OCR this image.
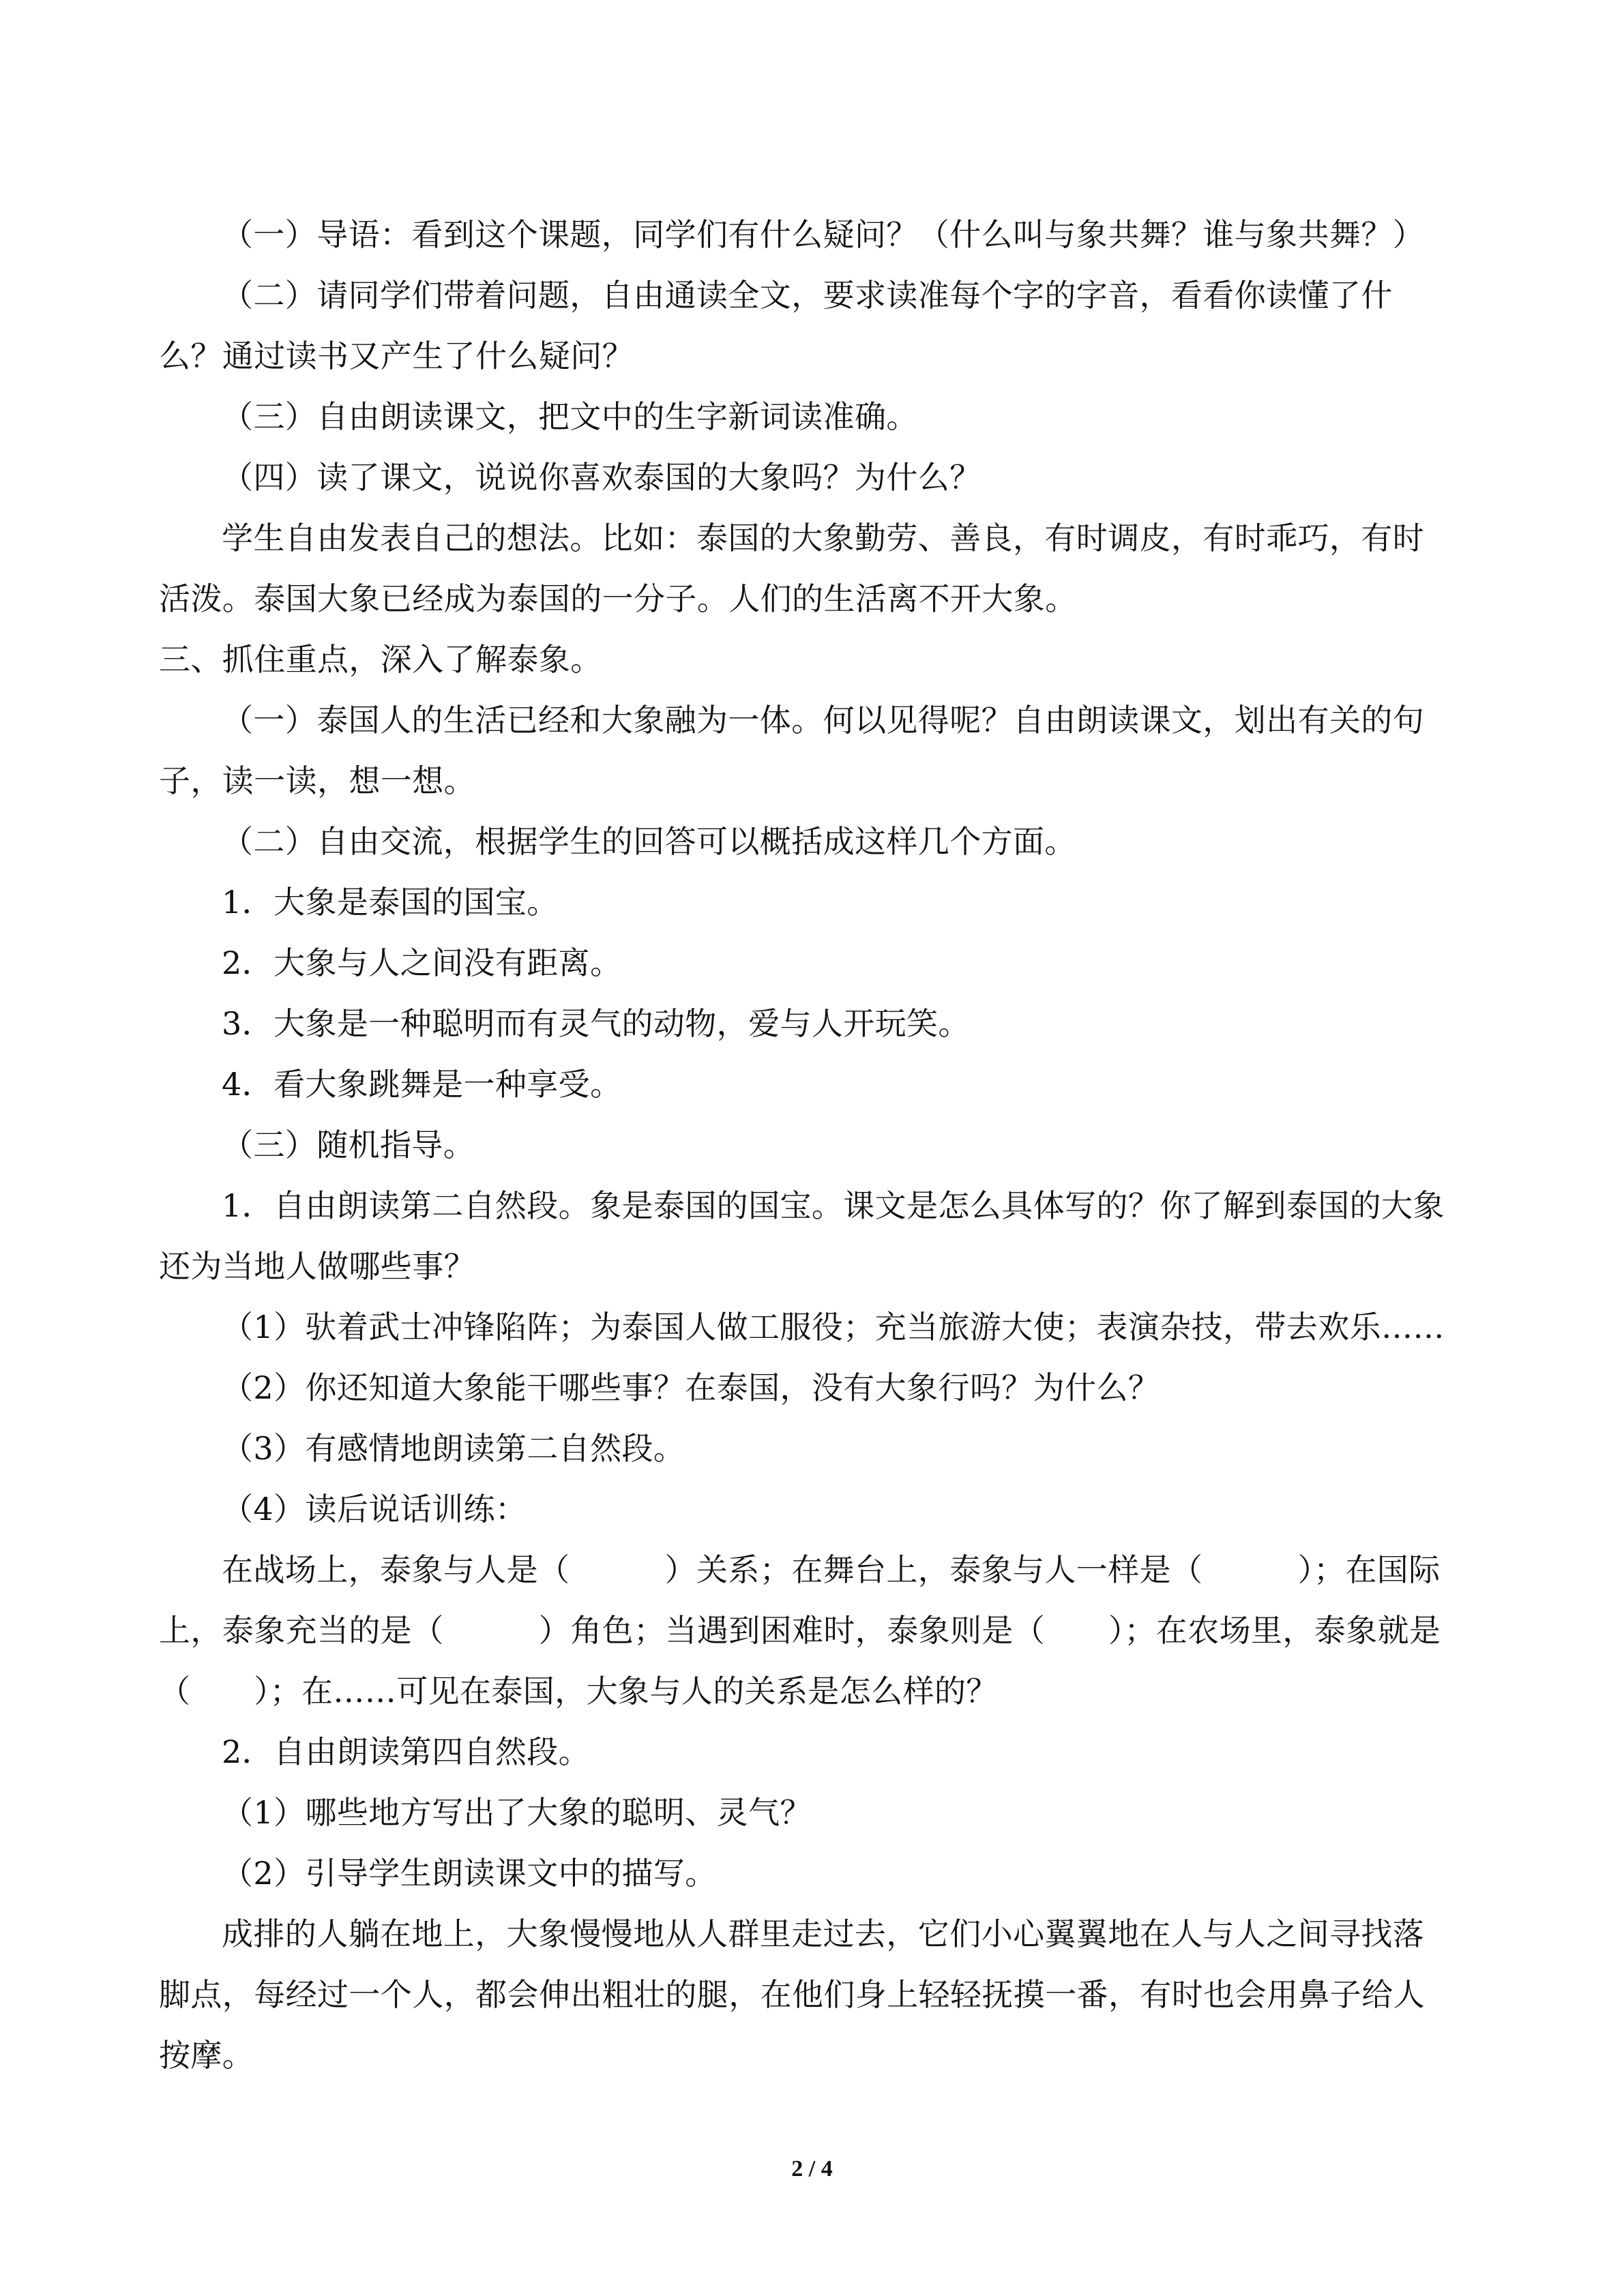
（一）导语：看到这个课题，同学们有什么疑问？（什么叫与象共舞？谁与象共舞？）
（二）请同学们带着问题，自由通读全文，要求读准每个字的字音，看看你读懂了什
么？通过读书又产生了什么疑问？
（三）自由朗读课文，把文中的生字新词读准确。
（四）读了课文，说说你喜欢泰国的大象吗？为什么？
学生自由发表自己的想法。比如：泰国的大象勤劳、善良，有时调皮，有时乖巧，有时
活泼。泰国大象已经成为泰国的一分子。人们的生活离不开大象。
三、抓住重点，深入了解泰象。
（一）泰国人的生活已经和大象融为一体。何以见得呢？自由朗读课文，划出有关的句
子，读一读，想一想。
（二）自由交流，根据学生的回答可以概括成这样几个方面。
1．大象是泰国的国宝。
2．大象与人之间没有距离。
3．大象是一种聪明而有灵气的动物，爱与人开玩笑。
4．看大象跳舞是一种享受。
（三）随机指导。
1．自由朗读第二自然段。象是泰国的国宝。课文是怎么具体写的？你了解到泰国的大象
还为当地人做哪些事？
（1）驮着武士冲锋陷阵；为泰国人做工服役；充当旅游大使；表演杂技，带去欢乐……
（2）你还知道大象能干哪些事？在泰国，没有大象行吗？为什么？
（3）有感情地朗读第二自然段。
（4）读后说话训练：
在战场上，泰象与人是（　　　）关系；在舞台上，泰象与人一样是（　　　）；在国际
上，泰象充当的是（　　　）角色；当遇到困难时，泰象则是（　　）；在农场里，泰象就是
（　　）；在……可见在泰国，大象与人的关系是怎么样的？
2．自由朗读第四自然段。
（1）哪些地方写出了大象的聪明、灵气？
（2）引导学生朗读课文中的描写。
成排的人躺在地上，大象慢慢地从人群里走过去，它们小心翼翼地在人与人之间寻找落
脚点，每经过一个人，都会伸出粗壮的腿，在他们身上轻轻抚摸一番，有时也会用鼻子给人
按摩。
2 / 4
